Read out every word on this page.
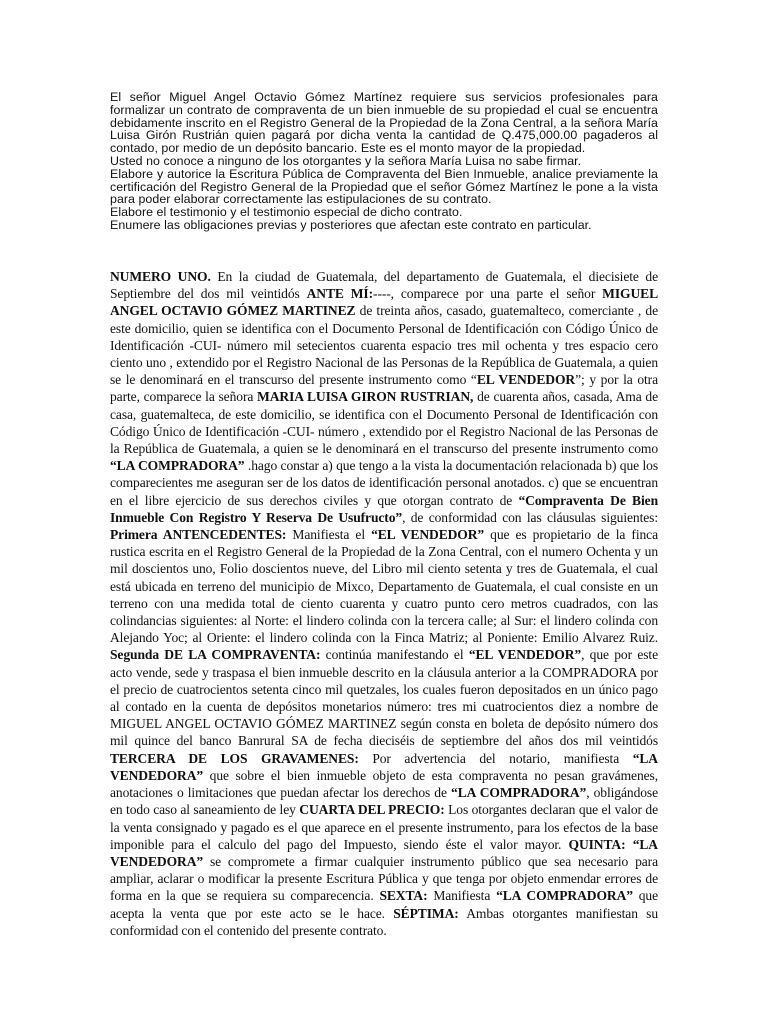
El señor Miguel Angel Octavio Gómez Martínez requiere sus servicios profesionales para formalizar un contrato de compraventa de un bien inmueble de su propiedad el cual se encuentra debidamente inscrito en el Registro General de la Propiedad de la Zona Central, a la señora María Luisa Girón Rustrián quien pagará por dicha venta la cantidad de Q.475,000.00 pagaderos al contado, por medio de un depósito bancario. Este es el monto mayor de la propiedad.

Usted no conoce a ninguno de los otorgantes y la señora María Luisa no sabe firmar.

Elabore y autorice la Escritura Pública de Compraventa del Bien Inmueble, analice previamente la certificación del Registro General de la Propiedad que el señor Gómez Martínez le pone a la vista para poder elaborar correctamente las estipulaciones de su contrato.

Elabore el testimonio y el testimonio especial de dicho contrato.

Enumere las obligaciones previas y posteriores que afectan este contrato en particular.

NUMERO UNO. En la ciudad de Guatemala, del departamento de Guatemala, el diecisiete de Septiembre del dos mil veintidós ANTE MÍ:----, comparece por una parte el señor MIGUEL ANGEL OCTAVIO GÓMEZ MARTINEZ de treinta años, casado, guatemalteco, comerciante , de este domicilio, quien se identifica con el Documento Personal de Identificación con Código Único de Identificación -CUI- número mil setecientos cuarenta espacio tres mil ochenta y tres espacio cero ciento uno , extendido por el Registro Nacional de las Personas de la República de Guatemala, a quien se le denominará en el transcurso del presente instrumento como “EL VENDEDOR”; y por la otra parte, comparece la señora MARIA LUISA GIRON RUSTRIAN, de cuarenta años, casada, Ama de casa, guatemalteca, de este domicilio, se identifica con el Documento Personal de Identificación con Código Único de Identificación -CUI- número , extendido por el Registro Nacional de las Personas de la República de Guatemala, a quien se le denominará en el transcurso del presente instrumento como “LA COMPRADORA” .hago constar a) que tengo a la vista la documentación relacionada b) que los comparecientes me aseguran ser de los datos de identificación personal anotados. c) que se encuentran en el libre ejercicio de sus derechos civiles y que otorgan contrato de “Compraventa De Bien Inmueble Con Registro Y Reserva De Usufructo”, de conformidad con las cláusulas siguientes: Primera ANTENCEDENTES: Manifiesta el “EL VENDEDOR” que es propietario de la finca rustica escrita en el Registro General de la Propiedad de la Zona Central, con el numero Ochenta y un mil doscientos uno, Folio doscientos nueve, del Libro mil ciento setenta y tres de Guatemala, el cual está ubicada en terreno del municipio de Mixco, Departamento de Guatemala, el cual consiste en un terreno con una medida total de ciento cuarenta y cuatro punto cero metros cuadrados, con las colindancias siguientes: al Norte: el lindero colinda con la tercera calle; al Sur: el lindero colinda con Alejando Yoc; al Oriente: el lindero colinda con la Finca Matriz; al Poniente: Emilio Alvarez Ruiz. Segunda DE LA COMPRAVENTA: continúa manifestando el “EL VENDEDOR”, que por este acto vende, sede y traspasa el bien inmueble descrito en la cláusula anterior a la COMPRADORA por el precio de cuatrocientos setenta cinco mil quetzales, los cuales fueron depositados en un único pago al contado en la cuenta de depósitos monetarios número: tres mi cuatrocientos diez a nombre de MIGUEL ANGEL OCTAVIO GÓMEZ MARTINEZ según consta en boleta de depósito número dos mil quince del banco Banrural SA de fecha dieciséis de septiembre del años dos mil veintidós TERCERA DE LOS GRAVAMENES: Por advertencia del notario, manifiesta “LA VENDEDORA” que sobre el bien inmueble objeto de esta compraventa no pesan gravámenes, anotaciones o limitaciones que puedan afectar los derechos de “LA COMPRADORA”, obligándose en todo caso al saneamiento de ley CUARTA DEL PRECIO: Los otorgantes declaran que el valor de la venta consignado y pagado es el que aparece en el presente instrumento, para los efectos de la base imponible para el calculo del pago del Impuesto, siendo éste el valor mayor. QUINTA: “LA VENDEDORA” se compromete a firmar cualquier instrumento público que sea necesario para ampliar, aclarar o modificar la presente Escritura Pública y que tenga por objeto enmendar errores de forma en la que se requiera su comparecencia. SEXTA: Manifiesta “LA COMPRADORA” que acepta la venta que por este acto se le hace. SÉPTIMA: Ambas otorgantes manifiestan su conformidad con el contenido del presente contrato.
